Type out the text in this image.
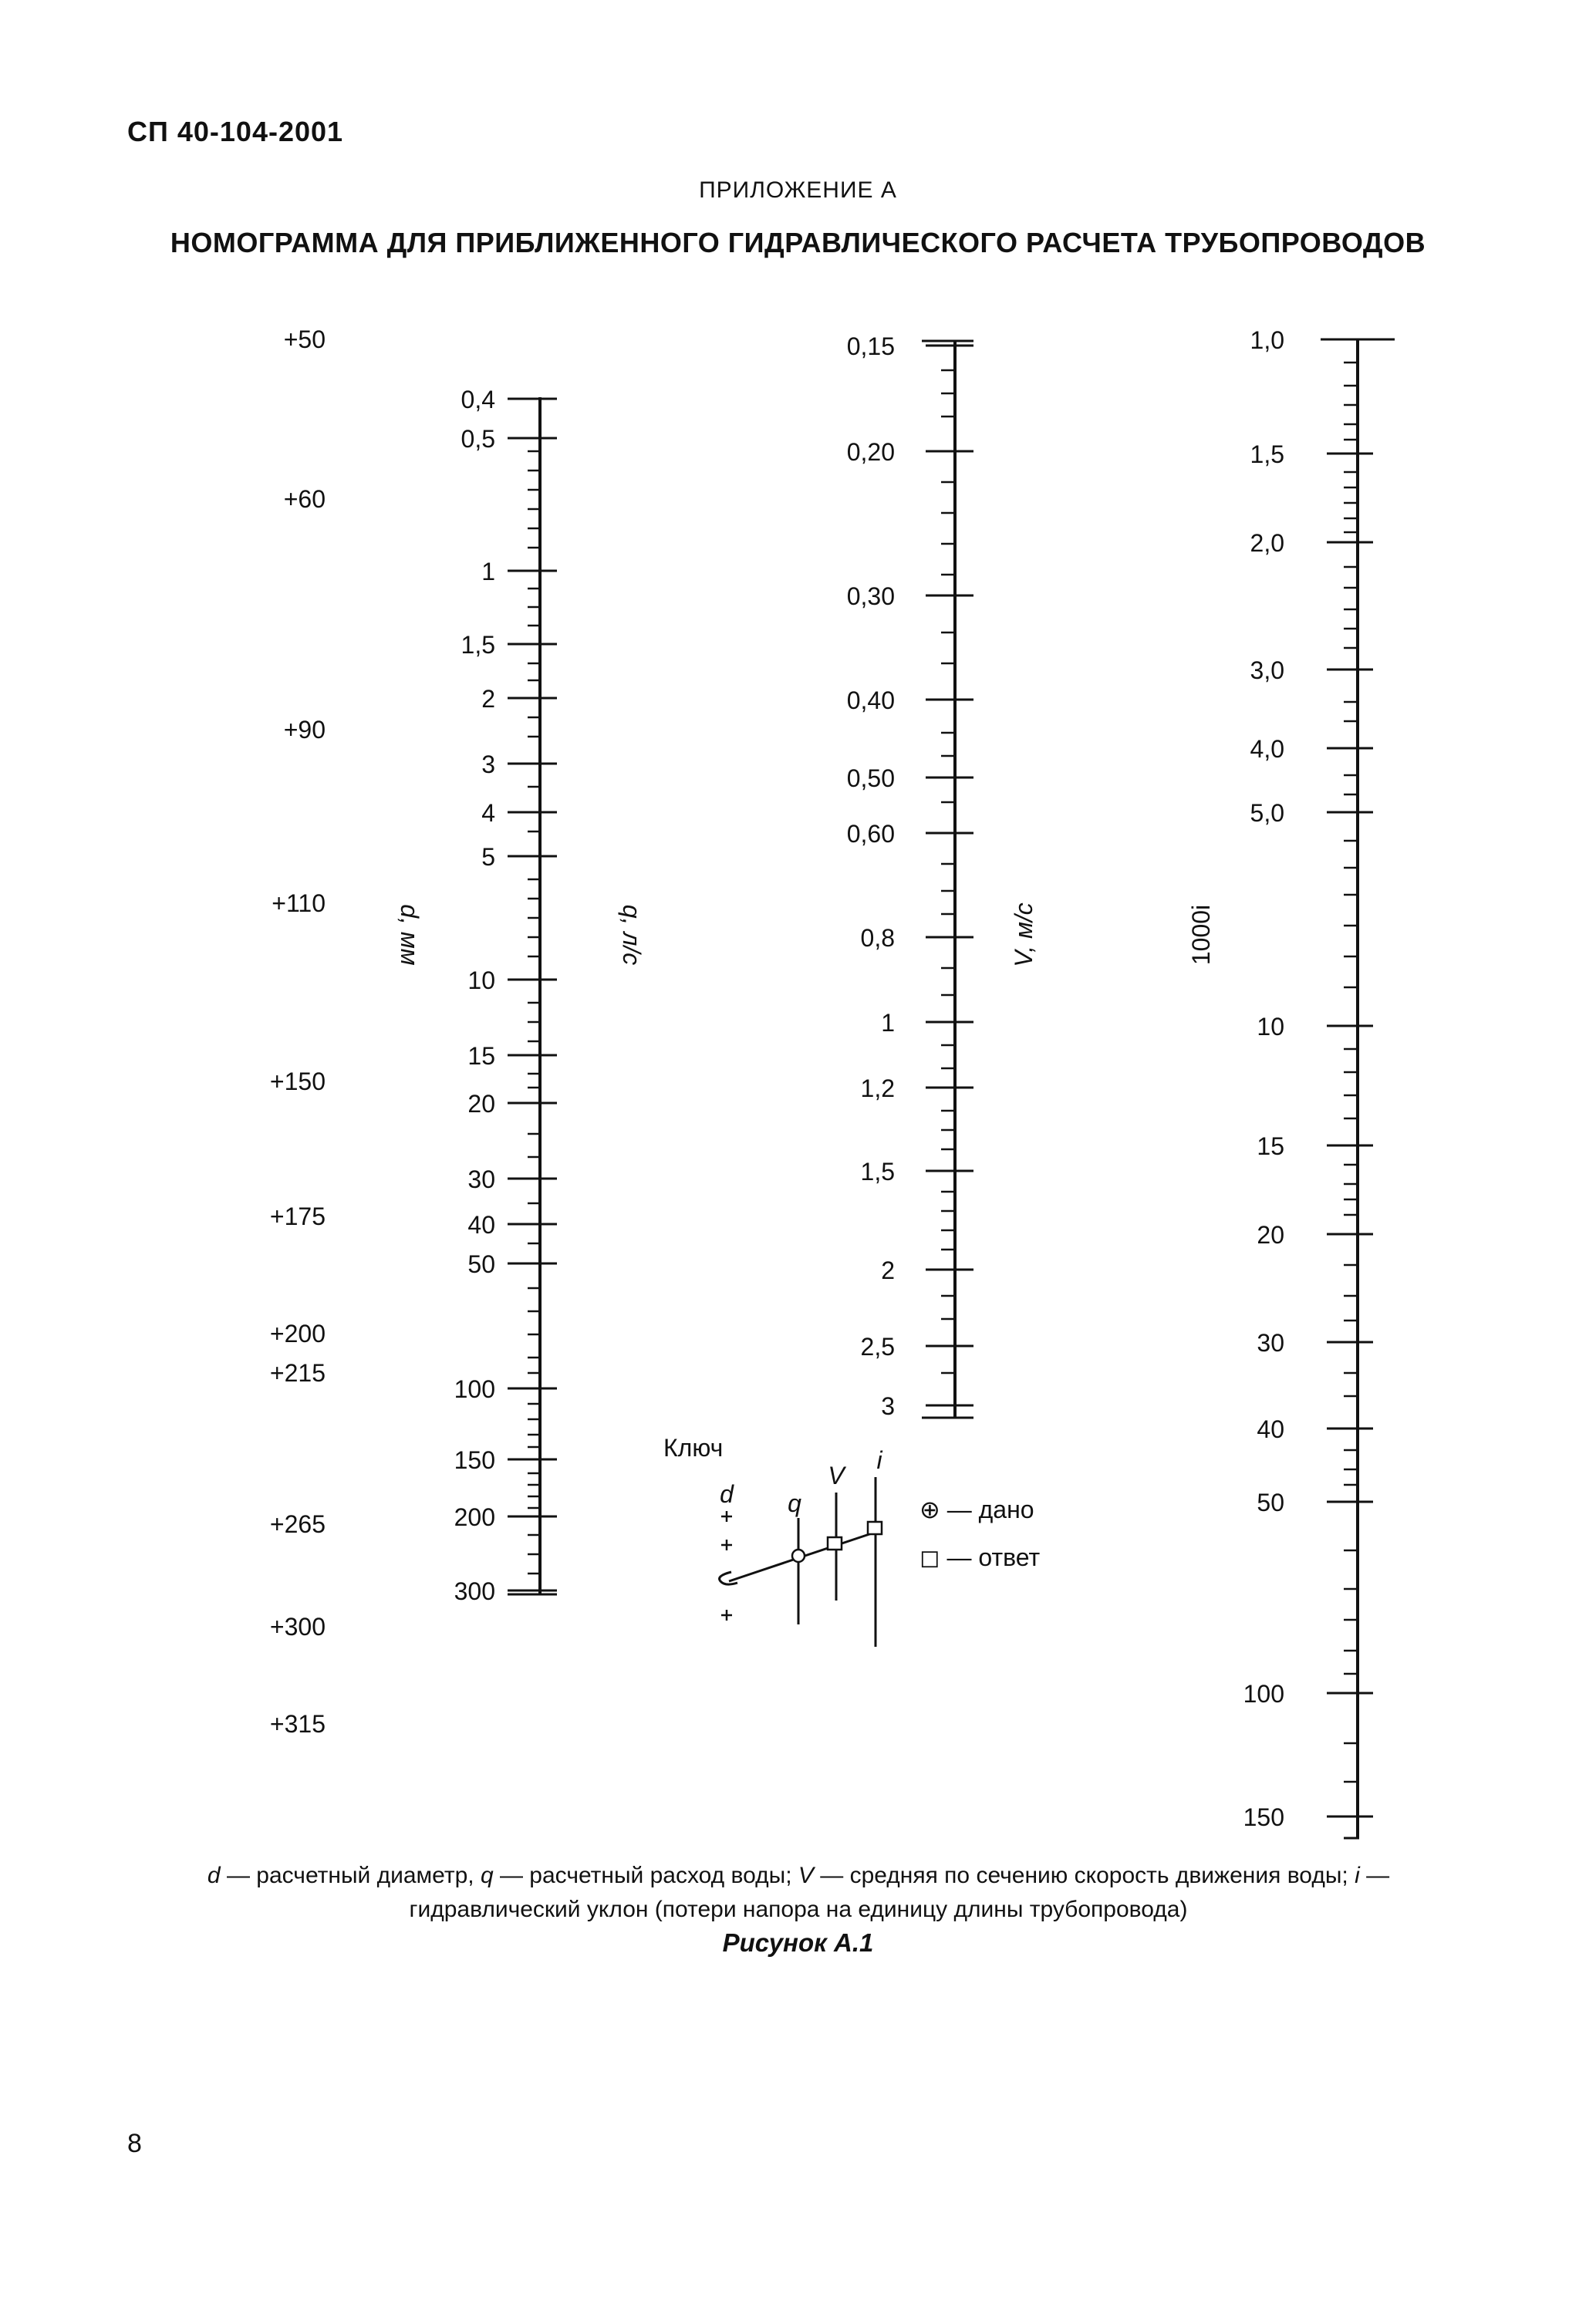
СП 40-104-2001
ПРИЛОЖЕНИЕ А
НОМОГРАММА ДЛЯ ПРИБЛИЖЕННОГО ГИДРАВЛИЧЕСКОГО РАСЧЕТА ТРУБОПРОВОДОВ
+50
+60
+90
+110
+150
+175
+200
+215
+265
+300
+315
d, мм	q, л/с
0,4
0,5
1
1,5
2
3
4
5
10
15
20
30
40
50
100
150
200
300
V, м/с
0,15
0,20
0,30
0,40
0,50
0,60
0,8
1
1,2
1,5
2
2,5
3
1000i
1,0
1,5
2,0
3,0
4,0
5,0
10
15
20
30
40
50
100
150
Ключ
d q
V
i
⊕ — дано
◻ — ответ
d — расчетный диаметр, q — расчетный расход воды; V — средняя по сечению скорость движения воды; i — гидравлический уклон (потери напора на единицу длины трубопровода)
Рисунок А.1
8
